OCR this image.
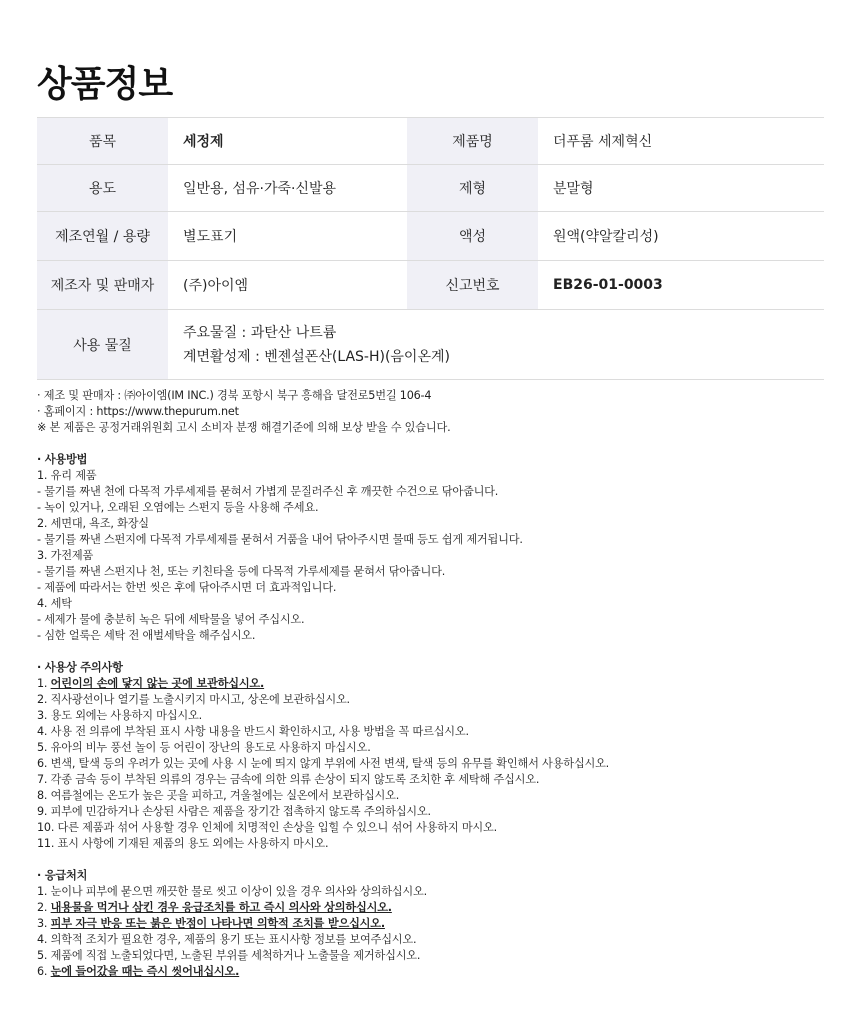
상품정보
품목	세정제	제품명	더푸룸 세제혁신
용도	일반용, 섬유·가죽·신발용	제형	분말형
제조연월 / 용량	별도표기	액성	원액(약알칼리성)
제조자 및 판매자	(주)아이엠	신고번호	EB26-01-0003
사용 물질	주요물질 : 과탄산 나트륨
계면활성제 : 벤젠설폰산(LAS-H)(음이온계)		
· 제조 및 판매자 : ㈜아이엠(IM INC.) 경북 포항시 북구 흥해읍 달전로5번길 106-4
· 홈페이지 : https://www.thepurum.net
※ 본 제품은 공정거래위원회 고시 소비자 분쟁 해결기준에 의해 보상 받을 수 있습니다.
· 사용방법
1. 유리 제품
- 물기를 짜낸 천에 다목적 가루세제를 묻혀서 가볍게 문질러주신 후 깨끗한 수건으로 닦아줍니다.
- 녹이 있거나, 오래된 오염에는 스펀지 등을 사용해 주세요.
2. 세면대, 욕조, 화장실
- 물기를 짜낸 스펀지에 다목적 가루세제를 묻혀서 거품을 내어 닦아주시면 물때 등도 쉽게 제거됩니다.
3. 가전제품
- 물기를 짜낸 스펀지나 천, 또는 키친타올 등에 다목적 가루세제를 묻혀서 닦아줍니다.
- 제품에 따라서는 한번 씻은 후에 닦아주시면 더 효과적입니다.
4. 세탁
- 세제가 물에 충분히 녹은 뒤에 세탁물을 넣어 주십시오.
- 심한 얼룩은 세탁 전 애벌세탁을 해주십시오.
· 사용상 주의사항
1. 어린이의 손에 닿지 않는 곳에 보관하십시오.
2. 직사광선이나 열기를 노출시키지 마시고, 상온에 보관하십시오.
3. 용도 외에는 사용하지 마십시오.
4. 사용 전 의류에 부착된 표시 사항 내용을 반드시 확인하시고, 사용 방법을 꼭 따르십시오.
5. 유아의 비누 풍선 놀이 등 어린이 장난의 용도로 사용하지 마십시오.
6. 변색, 탈색 등의 우려가 있는 곳에 사용 시 눈에 띄지 않게 부위에 사전 변색, 탈색 등의 유무를 확인해서 사용하십시오.
7. 각종 금속 등이 부착된 의류의 경우는 금속에 의한 의류 손상이 되지 않도록 조치한 후 세탁해 주십시오.
8. 여름철에는 온도가 높은 곳을 피하고, 겨울철에는 실온에서 보관하십시오.
9. 피부에 민감하거나 손상된 사람은 제품을 장기간 접촉하지 않도록 주의하십시오.
10. 다른 제품과 섞어 사용할 경우 인체에 치명적인 손상을 입힐 수 있으니 섞어 사용하지 마시오.
11. 표시 사항에 기재된 제품의 용도 외에는 사용하지 마시오.
· 응급처치
1. 눈이나 피부에 묻으면 깨끗한 물로 씻고 이상이 있을 경우 의사와 상의하십시오.
2. 내용물을 먹거나 삼킨 경우 응급조치를 하고 즉시 의사와 상의하십시오.
3. 피부 자극 반응 또는 붉은 반점이 나타나면 의학적 조치를 받으십시오.
4. 의학적 조치가 필요한 경우, 제품의 용기 또는 표시사항 정보를 보여주십시오.
5. 제품에 직접 노출되었다면, 노출된 부위를 세척하거나 노출물을 제거하십시오.
6. 눈에 들어갔을 때는 즉시 씻어내십시오.
